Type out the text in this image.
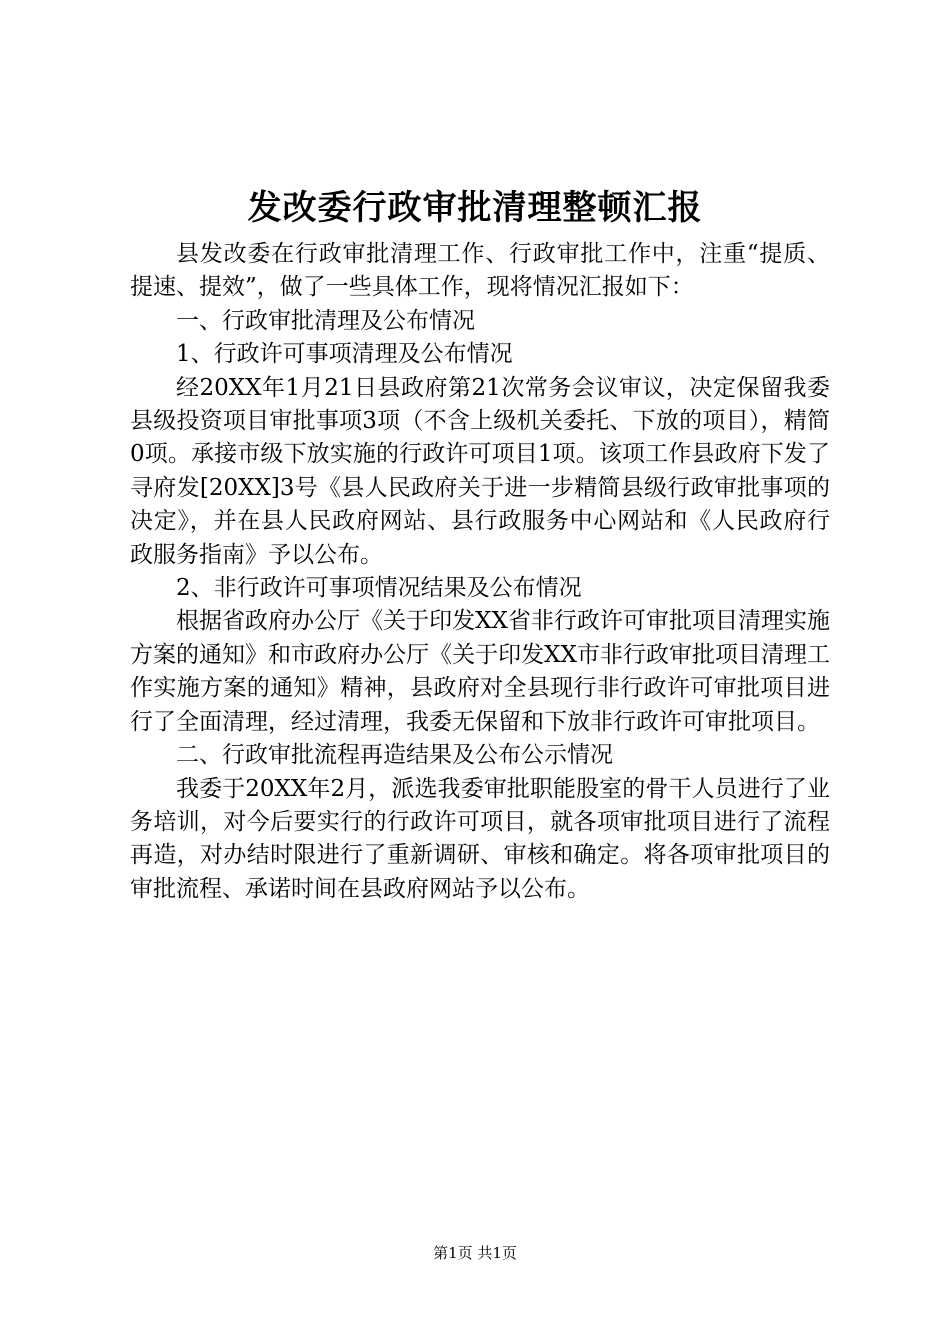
发改委行政审批清理整顿汇报

县发改委在行政审批清理工作、行政审批工作中，注重“提质、提速、提效”，做了一些具体工作，现将情况汇报如下：

一、行政审批清理及公布情况

1、行政许可事项清理及公布情况

经20XX年1月21日县政府第21次常务会议审议，决定保留我委县级投资项目审批事项3项（不含上级机关委托、下放的项目），精简0项。承接市级下放实施的行政许可项目1项。该项工作县政府下发了寻府发[20XX]3号《县人民政府关于进一步精简县级行政审批事项的决定》，并在县人民政府网站、县行政服务中心网站和《人民政府行政服务指南》予以公布。

2、非行政许可事项情况结果及公布情况

根据省政府办公厅《关于印发XX省非行政许可审批项目清理实施方案的通知》和市政府办公厅《关于印发XX市非行政审批项目清理工作实施方案的通知》精神，县政府对全县现行非行政许可审批项目进行了全面清理，经过清理，我委无保留和下放非行政许可审批项目。

二、行政审批流程再造结果及公布公示情况

我委于20XX年2月，派选我委审批职能股室的骨干人员进行了业务培训，对今后要实行的行政许可项目，就各项审批项目进行了流程再造，对办结时限进行了重新调研、审核和确定。将各项审批项目的审批流程、承诺时间在县政府网站予以公布。

第1页 共1页
